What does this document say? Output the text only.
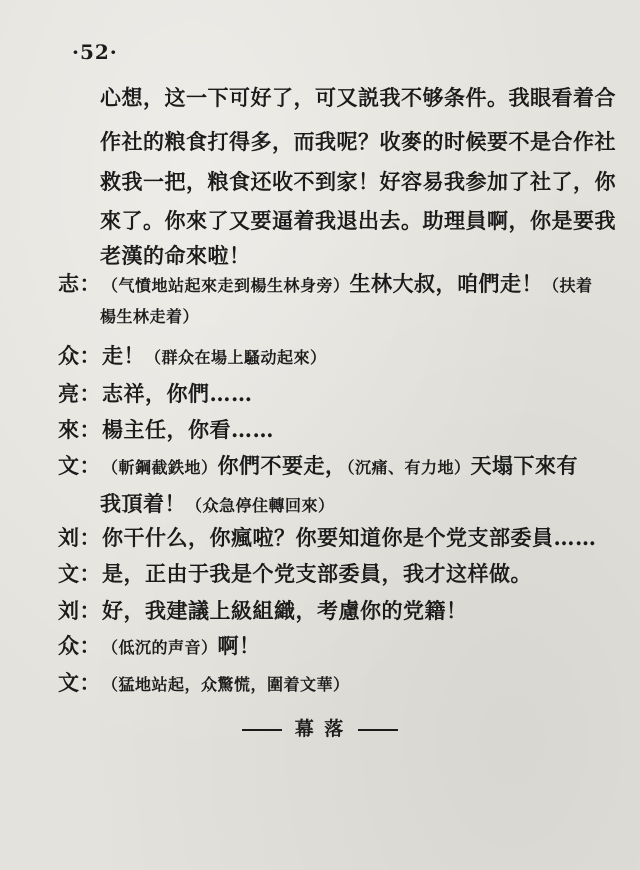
·52·
心想，这一下可好了，可又説我不够条件。我眼看着合
作社的粮食打得多，而我呢？收麥的时候要不是合作社
救我一把，粮食还收不到家！好容易我参加了社了，你
來了。你來了又要逼着我退出去。助理員啊，你是要我
老漢的命來啦！
志：（气憤地站起來走到楊生林身旁）生林大叔，咱們走！（扶着
楊生林走着）
众：走！（群众在場上騷动起來）
亮：志祥，你們……
來：楊主任，你看……
文：（斬鋼截鉄地）你們不要走，（沉痛、有力地）天塌下來有
我頂着！（众急停住轉回來）
刘：你干什么，你瘋啦？你要知道你是个党支部委員……
文：是，正由于我是个党支部委員，我才这样做。
刘：好，我建議上級組織，考慮你的党籍！
众：（低沉的声音）啊！
文：（猛地站起，众驚慌，圍着文華）
幕 落
